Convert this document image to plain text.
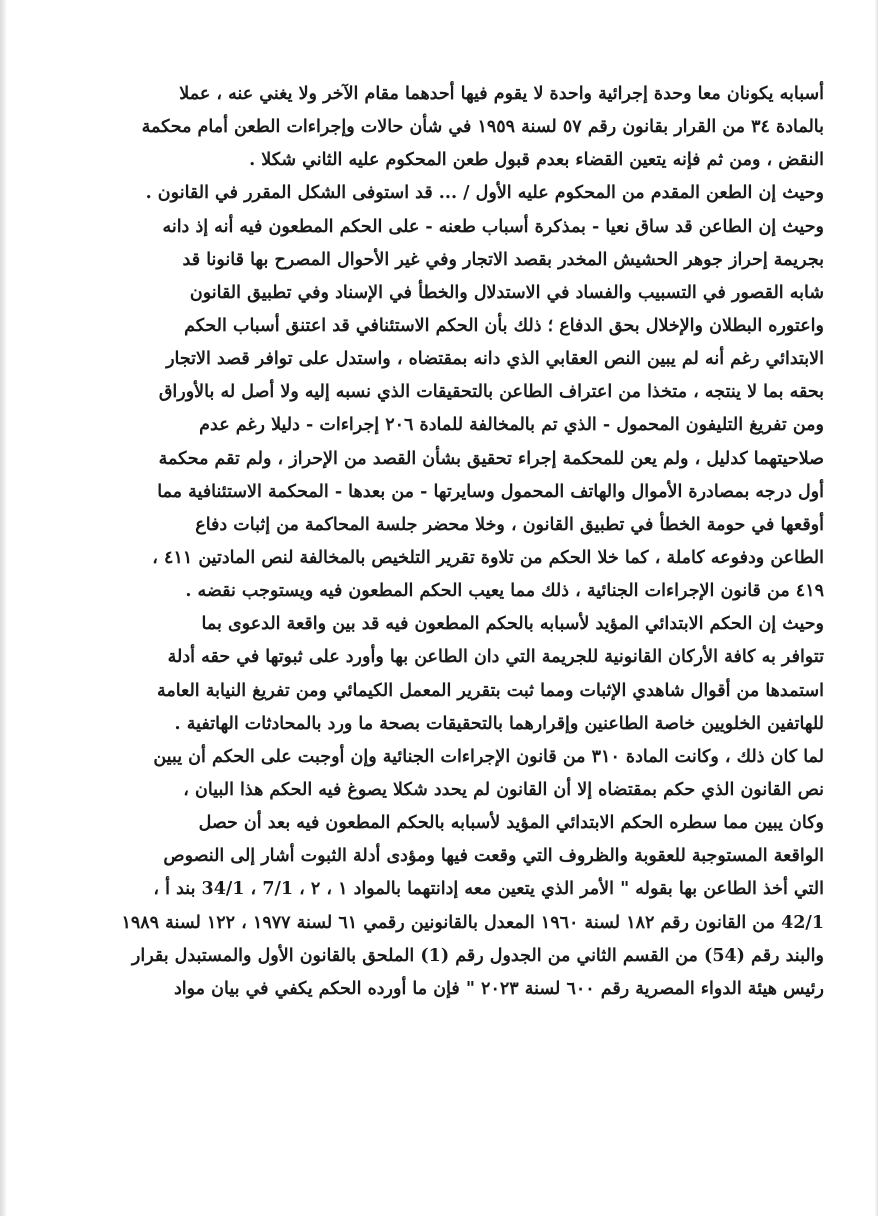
أسبابه يكونان معا وحدة إجرائية واحدة لا يقوم فيها أحدهما مقام الآخر ولا يغني عنه ، عملا
بالمادة ٣٤ من القرار بقانون رقم ٥٧ لسنة ١٩٥٩ في شأن حالات وإجراءات الطعن أمام محكمة
النقض ، ومن ثم فإنه يتعين القضاء بعدم قبول طعن المحكوم عليه الثاني شكلا .
وحيث إن الطعن المقدم من المحكوم عليه الأول / ... قد استوفى الشكل المقرر في القانون .
وحيث إن الطاعن قد ساق نعيا - بمذكرة أسباب طعنه - على الحكم المطعون فيه أنه إذ دانه
بجريمة إحراز جوهر الحشيش المخدر بقصد الاتجار وفي غير الأحوال المصرح بها قانونا قد
شابه القصور في التسبيب والفساد في الاستدلال والخطأ في الإسناد وفي تطبيق القانون
واعتوره البطلان والإخلال بحق الدفاع ؛ ذلك بأن الحكم الاستئنافي قد اعتنق أسباب الحكم
الابتدائي رغم أنه لم يبين النص العقابي الذي دانه بمقتضاه ، واستدل على توافر قصد الاتجار
بحقه بما لا ينتجه ، متخذا من اعتراف الطاعن بالتحقيقات الذي نسبه إليه ولا أصل له بالأوراق
ومن تفريغ التليفون المحمول - الذي تم بالمخالفة للمادة ٢٠٦ إجراءات - دليلا رغم عدم
صلاحيتهما كدليل ، ولم يعن للمحكمة إجراء تحقيق بشأن القصد من الإحراز ، ولم تقم محكمة
أول درجه بمصادرة الأموال والهاتف المحمول وسايرتها - من بعدها - المحكمة الاستئنافية مما
أوقعها في حومة الخطأ في تطبيق القانون ، وخلا محضر جلسة المحاكمة من إثبات دفاع
الطاعن ودفوعه كاملة ، كما خلا الحكم من تلاوة تقرير التلخيص بالمخالفة لنص المادتين ٤١١ ،
٤١٩ من قانون الإجراءات الجنائية ، ذلك مما يعيب الحكم المطعون فيه ويستوجب نقضه .
وحيث إن الحكم الابتدائي المؤيد لأسبابه بالحكم المطعون فيه قد بين واقعة الدعوى بما
تتوافر به كافة الأركان القانونية للجريمة التي دان الطاعن بها وأورد على ثبوتها في حقه أدلة
استمدها من أقوال شاهدي الإثبات ومما ثبت بتقرير المعمل الكيمائي ومن تفريغ النيابة العامة
للهاتفين الخلويين خاصة الطاعنين وإقرارهما بالتحقيقات بصحة ما ورد بالمحادثات الهاتفية .
لما كان ذلك ، وكانت المادة ٣١٠ من قانون الإجراءات الجنائية وإن أوجبت على الحكم أن يبين
نص القانون الذي حكم بمقتضاه إلا أن القانون لم يحدد شكلا يصوغ فيه الحكم هذا البيان ،
وكان يبين مما سطره الحكم الابتدائي المؤيد لأسبابه بالحكم المطعون فيه بعد أن حصل
الواقعة المستوجبة للعقوبة والظروف التي وقعت فيها ومؤدى أدلة الثبوت أشار إلى النصوص
التي أخذ الطاعن بها بقوله " الأمر الذي يتعين معه إدانتهما بالمواد ١ ، ٢ ، 7/1 ، 34/1 بند أ ،
42/1 من القانون رقم ١٨٢ لسنة ١٩٦٠ المعدل بالقانونين رقمي ٦١ لسنة ١٩٧٧ ، ١٢٢ لسنة ١٩٨٩
والبند رقم (54) من القسم الثاني من الجدول رقم (1) الملحق بالقانون الأول والمستبدل بقرار
رئيس هيئة الدواء المصرية رقم ٦٠٠ لسنة ٢٠٢٣ " فإن ما أورده الحكم يكفي في بيان مواد
